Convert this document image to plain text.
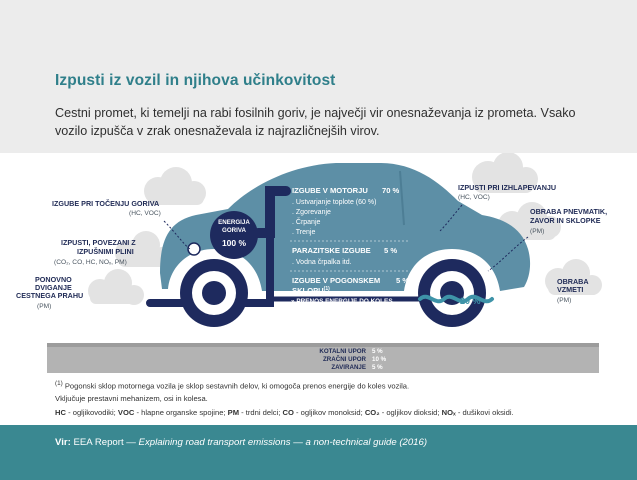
Izpusti iz vozil in njihova učinkovitost
Cestni promet, ki temelji na rabi fosilnih goriv, je največji vir onesnaževanja iz prometa. Vsako vozilo izpušča v zrak onesnaževala iz najrazličnejših virov.
ENERGIJA
GORIVA
100 %
IZGUBE V MOTORJU 70 %
. Ustvarjanje toplote (60 %)
. Zgorevanje
. Črpanje
. Trenje
PARAZITSKE IZGUBE 5 %
. Vodna črpalka itd.
IZGUBE V POGONSKEM 5 %
SKLOPU$^{(1)}$
» PRENOS ENERGIJE DO KOLES	20 %
IZGUBE PRI TOČENJU GORIVA
(HC, VOC)
IZPUSTI, POVEZANI Z
IZPUŠNIMI PLINI
(CO₂, CO, HC, NOₓ, PM)
PONOVNO
DVIGANJE
CESTNEGA PRAHU
(PM)
IZPUSTI PRI IZHLAPEVANJU
(HC, VOC)
OBRABA PNEVMATIK,
ZAVOR IN SKLOPKE
(PM)
OBRABA
VZMETI
(PM)
KOTALNI UPOR 5 %
ZRAČNI UPOR 10 %
ZAVIRANJE 5 %

$^{(1)}$ Pogonski sklop motornega vozila je sklop sestavnih delov, ki omogoča prenos energije do koles vozila.

Vključuje prestavni mehanizem, osi in kolesa.

HC - ogljikovodiki; VOC - hlapne organske spojine; PM - trdni delci; CO - ogljikov monoksid; CO₂ - ogljikov dioksid; NOₓ - dušikovi oksidi.

Vir: EEA Report — Explaining road transport emissions — a non-technical guide (2016)
